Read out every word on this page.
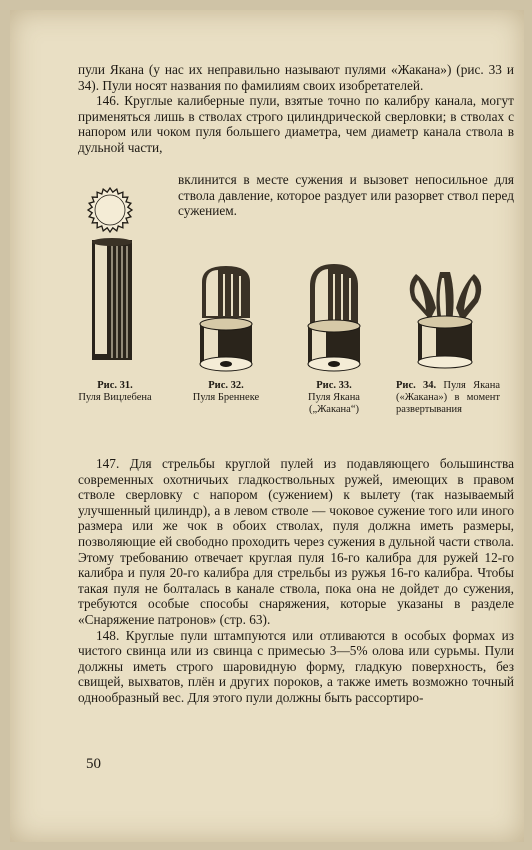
пули Якана (у нас их неправильно называют пулями «Жакана») (рис. 33 и 34). Пули носят названия по фамилиям своих изобретателей.

146. Круглые калиберные пули, взятые точно по калибру канала, могут применяться лишь в стволах строго цилиндрической сверловки; в стволах с напором или чоком пуля большего диаметра, чем диаметр канала ствола в дульной части,

вклинится в месте сужения и вызовет непосильное для ствола давление, которое раздует или разорвет ствол перед сужением.

Рис. 31.
Пуля Вицлебена
Рис. 32.
Пуля Бреннеке
Рис. 33.
Пуля Якана („Жакана“)
Рис. 34. Пуля Якана («Жакана») в момент развертывания

147. Для стрельбы круглой пулей из подавляющего большинства современных охотничьих гладкоствольных ружей, имеющих в правом стволе сверловку с напором (сужением) к вылету (так называемый улучшенный цилиндр), а в левом стволе — чоковое сужение того или иного размера или же чок в обоих стволах, пуля должна иметь размеры, позволяющие ей свободно проходить через сужения в дульной части ствола. Этому требованию отвечает круглая пуля 16-го калибра для ружей 12-го калибра и пуля 20-го калибра для стрельбы из ружья 16-го калибра. Чтобы такая пуля не болталась в канале ствола, пока она не дойдет до сужения, требуются особые способы снаряжения, которые указаны в разделе «Снаряжение патронов» (стр. 63).

148. Круглые пули штампуются или отливаются в особых формах из чистого свинца или из свинца с примесью 3—5% олова или сурьмы. Пули должны иметь строго шаровидную форму, гладкую поверхность, без свищей, выхватов, плён и других пороков, а также иметь возможно точный однообразный вес. Для этого пули должны быть рассортиро-

50
